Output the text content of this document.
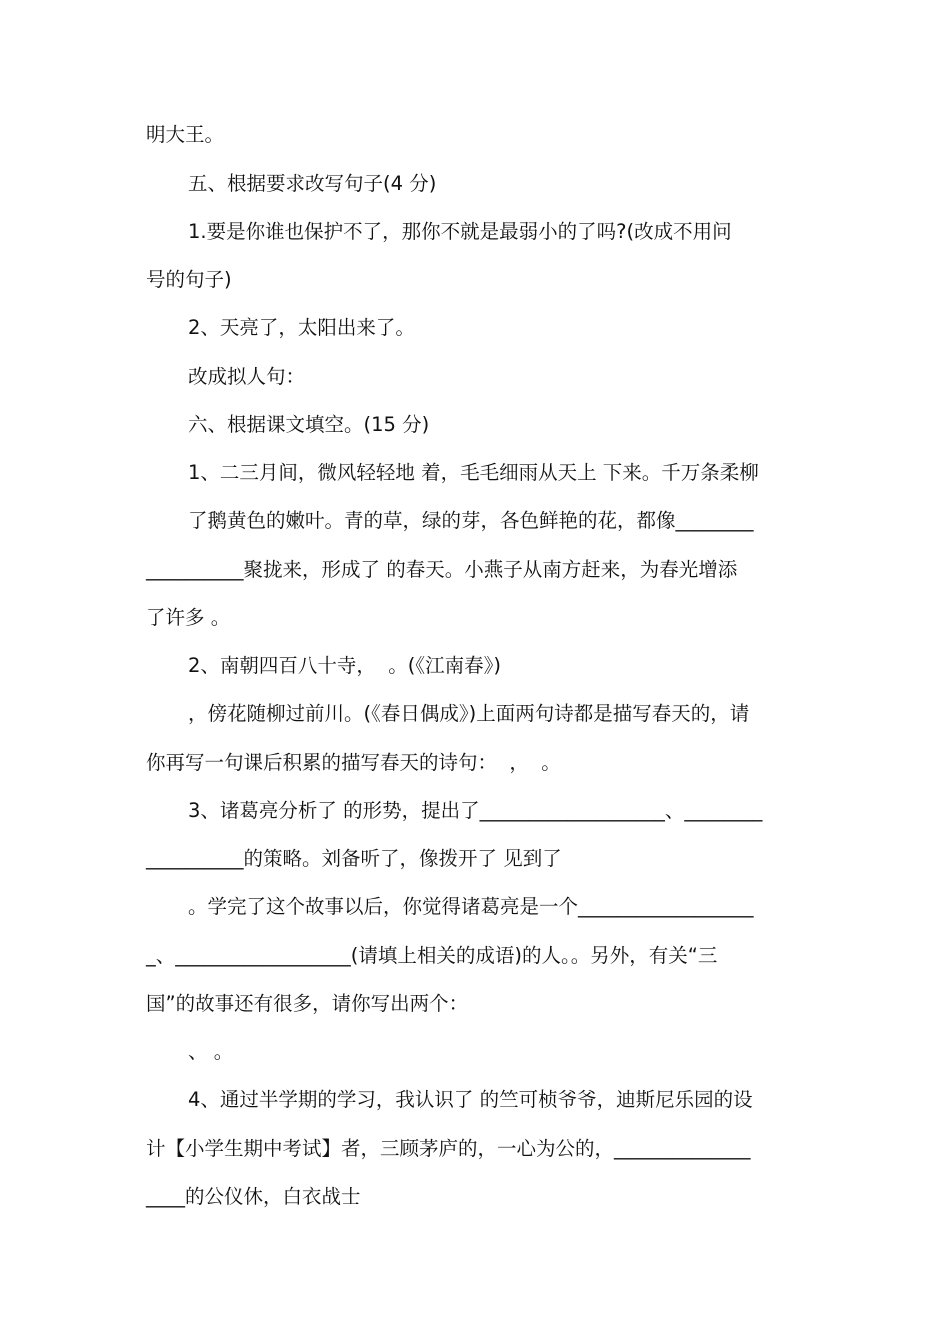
明大王。
五、根据要求改写句子(4 分)
1.要是你谁也保护不了，那你不就是最弱小的了吗?(改成不用问
号的句子)
2、天亮了，太阳出来了。
改成拟人句：
六、根据课文填空。(15 分)
1、二三月间，微风轻轻地 着，毛毛细雨从天上 下来。千万条柔柳
了鹅黄色的嫩叶。青的草，绿的芽，各色鲜艳的花，都像________
__________聚拢来，形成了 的春天。小燕子从南方赶来，为春光增添
了许多 。
2、南朝四百八十寺，  。(《江南春》)
，傍花随柳过前川。(《春日偶成》)上面两句诗都是描写春天的，请
你再写一句课后积累的描写春天的诗句：  ，  。
3、诸葛亮分析了 的形势，提出了___________________、________
__________的策略。刘备听了，像拨开了 见到了
。学完了这个故事以后，你觉得诸葛亮是一个__________________
_、__________________(请填上相关的成语)的人。。另外，有关“三
国”的故事还有很多，请你写出两个：
、 。
4、通过半学期的学习，我认识了 的竺可桢爷爷，迪斯尼乐园的设
计【小学生期中考试】者，三顾茅庐的，一心为公的，______________
____的公仪休，白衣战士
